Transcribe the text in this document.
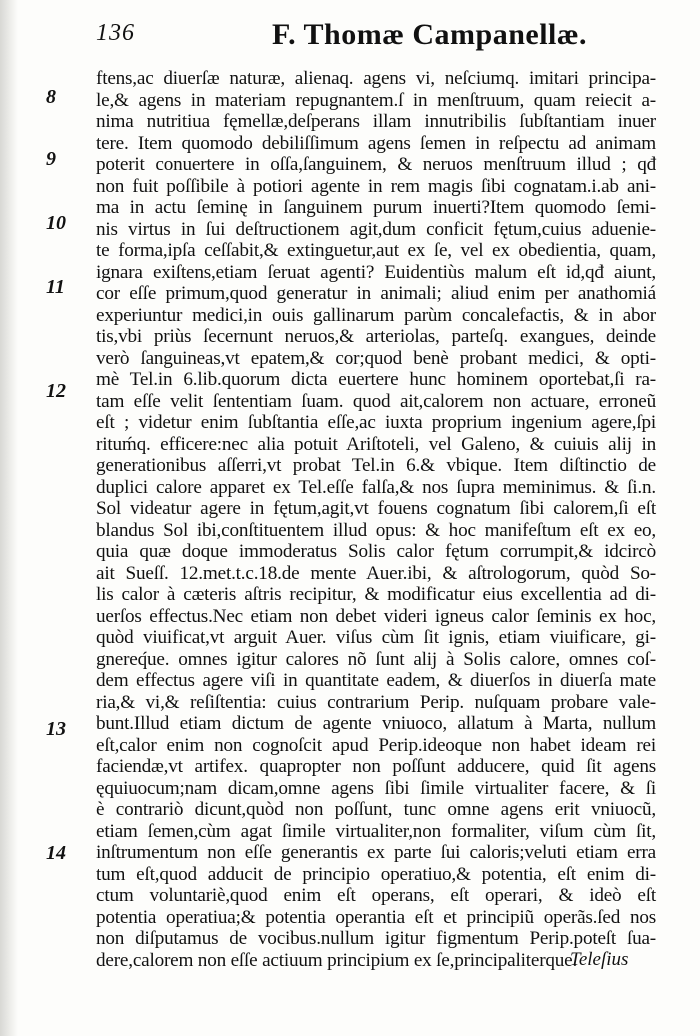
136	F. Thomæ Campanellæ.
8
9
10
11
12
13
14
ftens,ac diuerſæ naturæ, alienaq. agens vi, neſciumq. imitari principa-
le,& agens in materiam repugnantem.ſ in menſtruum, quam reiecit a-
nima nutritiua fęmellæ,deſperans illam innutribilis ſubſtantiam inuer
tere. Item quomodo debiliſſimum agens ſemen in reſpectu ad animam
poterit conuertere in oſſa,ſanguinem, & neruos menſtruum illud ; qđ
non fuit poſſibile à potiori agente in rem magis ſibi cognatam.i.ab ani-
ma in actu ſeminę in ſanguinem purum inuerti?Item quomodo ſemi-
nis virtus in ſui deſtructionem agit,dum conficit fętum,cuius aduenie-
te forma,ipſa ceſſabit,& extinguetur,aut ex ſe, vel ex obedientia, quam,
ignara exiſtens,etiam ſeruat agenti? Euidentiùs malum eſt id,qđ aiunt,
cor eſſe primum,quod generatur in animali; aliud enim per anathomiá
experiuntur medici,in ouis gallinarum parùm concalefactis, & in abor
tis,vbi priùs ſecernunt neruos,& arteriolas, parteſq. exangues, deinde
verò ſanguineas,vt epatem,& cor;quod benè probant medici, & opti-
mè Tel.in 6.lib.quorum dicta euertere hunc hominem oportebat,ſi ra-
tam eſſe velit ſententiam ſuam. quod ait,calorem non actuare, erroneũ
eſt ; videtur enim ſubſtantia eſſe,ac iuxta proprium ingenium agere,ſpi
rituḿq. efficere:nec alia potuit Ariſtoteli, vel Galeno, & cuiuis alij in
generationibus aſſerri,vt probat Tel.in 6.& vbique. Item diſtinctio de
duplici calore apparet ex Tel.eſſe falſa,& nos ſupra meminimus. & ſi.n.
Sol videatur agere in fętum,agit,vt fouens cognatum ſibi calorem,ſi eſt
blandus Sol ibi,conſtituentem illud opus: & hoc manifeſtum eſt ex eo,
quia quæ doque immoderatus Solis calor fętum corrumpit,& idcircò
ait Sueſſ. 12.met.t.c.18.de mente Auer.ibi, & aſtrologorum, quòd So-
lis calor à cæteris aſtris recipitur, & modificatur eius excellentia ad di-
uerſos effectus.Nec etiam non debet videri igneus calor ſeminis ex hoc,
quòd viuificat,vt arguit Auer. viſus cùm ſit ignis, etiam viuificare, gi-
gnereq́ue. omnes igitur calores nõ ſunt alij à Solis calore, omnes coſ-
dem effectus agere viſi in quantitate eadem, & diuerſos in diuerſa mate
ria,& vi,& reſiſtentia: cuius contrarium Perip. nuſquam probare vale-
bunt.Illud etiam dictum de agente vniuoco, allatum à Marta, nullum
eſt,calor enim non cognoſcit apud Perip.ideoque non habet ideam rei
faciendæ,vt artifex. quapropter non poſſunt adducere, quid ſit agens
ęquiuocum;nam dicam,omne agens ſibi ſimile virtualiter facere, & ſi
è contrariò dicunt,quòd non poſſunt, tunc omne agens erit vniuocũ,
etiam ſemen,cùm agat ſimile virtualiter,non formaliter, viſum cùm ſit,
inſtrumentum non eſſe generantis ex parte ſui caloris;veluti etiam erra
tum eſt,quod adducit de principio operatiuo,& potentia, eſt enim di-
ctum voluntariè,quod enim eſt operans, eſt operari, & ideò eſt
potentia operatiua;& potentia operantia eſt et principiũ operãs.ſed nos
non diſputamus de vocibus.nullum igitur figmentum Perip.poteſt ſua-
dere,calorem non eſſe actiuum principium ex ſe,principaliterque.
Teleſius
